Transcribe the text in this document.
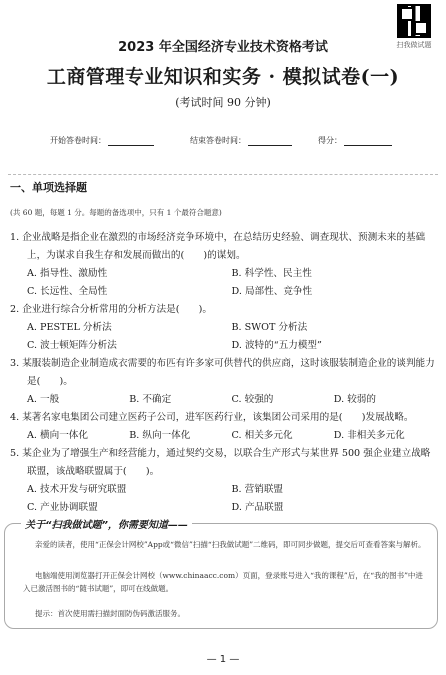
扫我做试题
2023 年全国经济专业技术资格考试
工商管理专业知识和实务 · 模拟试卷(一)
(考试时间 90 分钟)
开始答卷时间：	结束答卷时间：	得分：
一、单项选择题
(共 60 题，每题 1 分。每题的备选项中，只有 1 个最符合题意)
1. 企业战略是指企业在激烈的市场经济竞争环境中，在总结历史经验、调查现状、预测未来的基础上，为谋求自我生存和发展而做出的(　　)的谋划。
A. 指导性、激励性	B. 科学性、民主性
C. 长远性、全局性	D. 局部性、竞争性
2. 企业进行综合分析常用的分析方法是(　　)。
A. PESTEL 分析法	B. SWOT 分析法
C. 波士顿矩阵分析法	D. 波特的“五力模型”
3. 某服装制造企业制造成衣需要的布匹有许多家可供替代的供应商，这时该服装制造企业的谈判能力是(　　)。
A. 一般	B. 不确定	C. 较强的	D. 较弱的
4. 某著名家电集团公司建立医药子公司，进军医药行业，该集团公司采用的是(　　)发展战略。
A. 横向一体化	B. 纵向一体化	C. 相关多元化	D. 非相关多元化
5. 某企业为了增强生产和经营能力，通过契约交易，以联合生产形式与某世界 500 强企业建立战略联盟，该战略联盟属于(　　)。
A. 技术开发与研究联盟	B. 营销联盟
C. 产业协调联盟	D. 产品联盟
关于“扫我做试题”，你需要知道——

亲爱的读者，使用“正保会计网校”App或“微信”扫描“扫我做试题”二维码，即可同步做题，提交后可查看答案与解析。

电脑端使用浏览器打开正保会计网校（www.chinaacc.com）页面，登录账号进入“我的课程”后，在“我的图书”中进入已激活图书的“随书试题”，即可在线做题。

提示：首次使用需扫描封面防伪码激活服务。

— 1 —
